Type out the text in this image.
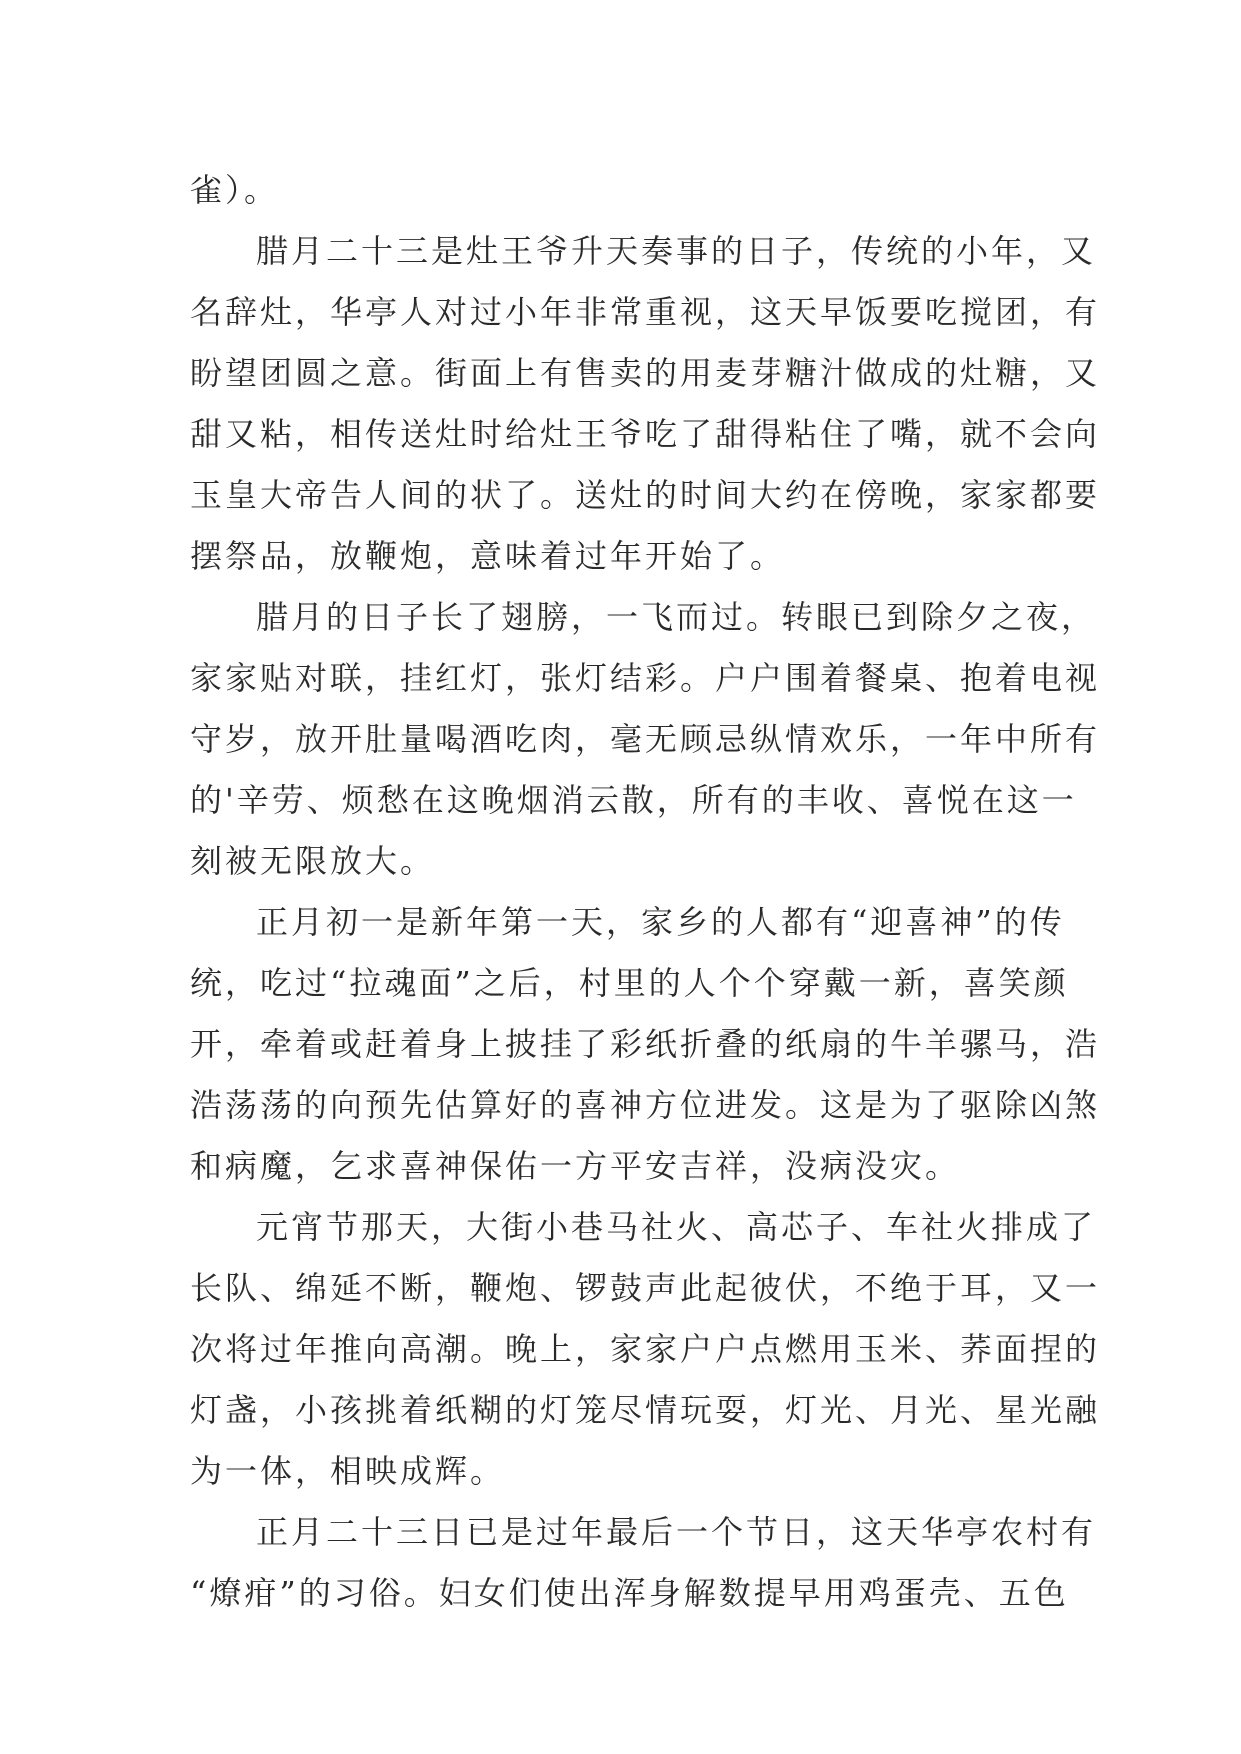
雀）。
腊月二十三是灶王爷升天奏事的日子，传统的小年，又
名辞灶，华亭人对过小年非常重视，这天早饭要吃搅团，有
盼望团圆之意。街面上有售卖的用麦芽糖汁做成的灶糖，又
甜又粘，相传送灶时给灶王爷吃了甜得粘住了嘴，就不会向
玉皇大帝告人间的状了。送灶的时间大约在傍晚，家家都要
摆祭品，放鞭炮，意味着过年开始了。
腊月的日子长了翅膀，一飞而过。转眼已到除夕之夜，
家家贴对联，挂红灯，张灯结彩。户户围着餐桌、抱着电视
守岁，放开肚量喝酒吃肉，毫无顾忌纵情欢乐，一年中所有
的'辛劳、烦愁在这晚烟消云散，所有的丰收、喜悦在这一
刻被无限放大。
正月初一是新年第一天，家乡的人都有“迎喜神”的传
统，吃过“拉魂面”之后，村里的人个个穿戴一新，喜笑颜
开，牵着或赶着身上披挂了彩纸折叠的纸扇的牛羊骡马，浩
浩荡荡的向预先估算好的喜神方位进发。这是为了驱除凶煞
和病魔，乞求喜神保佑一方平安吉祥，没病没灾。
元宵节那天，大街小巷马社火、高芯子、车社火排成了
长队、绵延不断，鞭炮、锣鼓声此起彼伏，不绝于耳，又一
次将过年推向高潮。晚上，家家户户点燃用玉米、荞面捏的
灯盏，小孩挑着纸糊的灯笼尽情玩耍，灯光、月光、星光融
为一体，相映成辉。
正月二十三日已是过年最后一个节日，这天华亭农村有
“燎疳”的习俗。妇女们使出浑身解数提早用鸡蛋壳、五色
